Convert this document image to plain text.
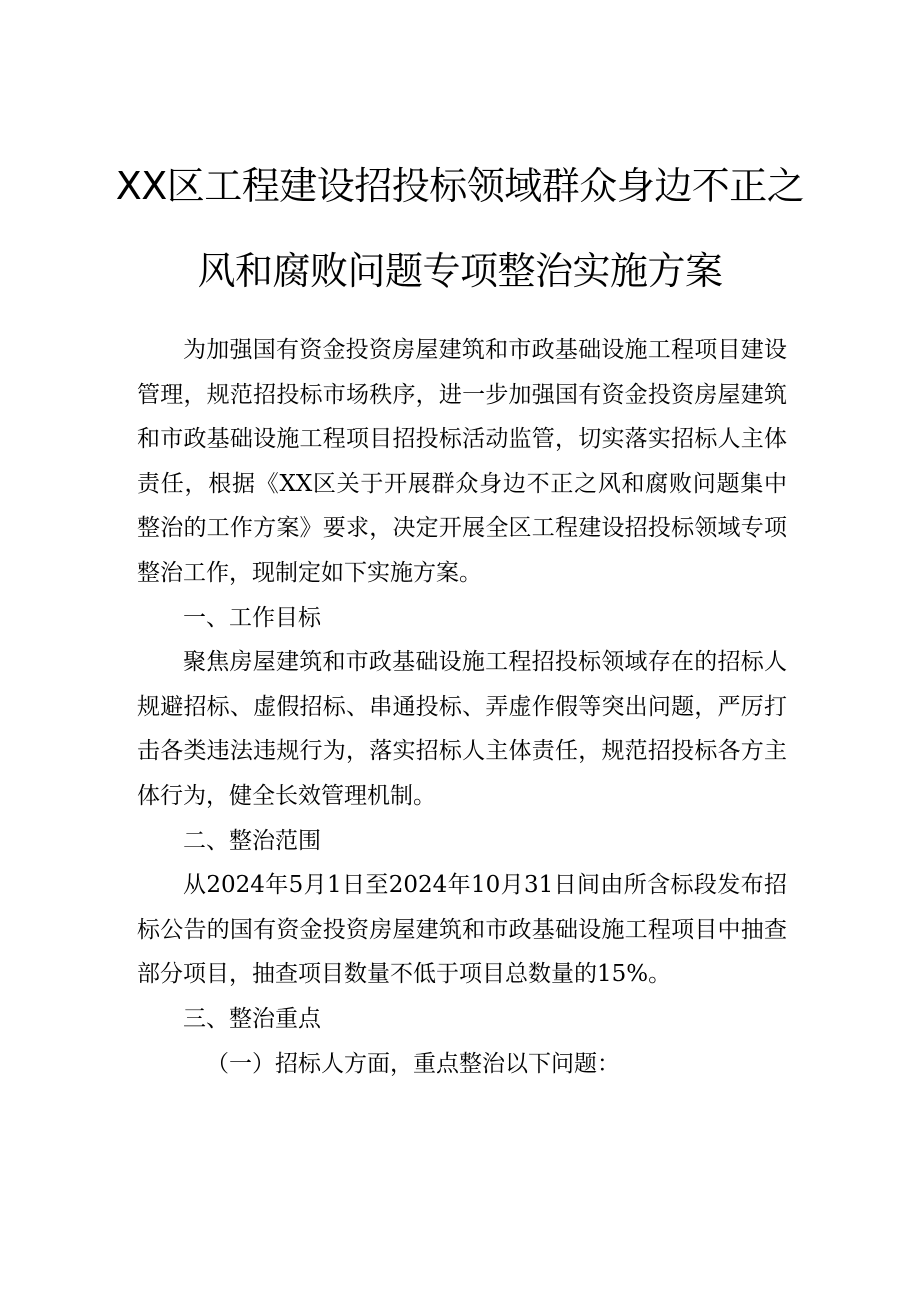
XX区工程建设招投标领域群众身边不正之
风和腐败问题专项整治实施方案

为加强国有资金投资房屋建筑和市政基础设施工程项目建设管理，规范招投标市场秩序，进一步加强国有资金投资房屋建筑和市政基础设施工程项目招投标活动监管，切实落实招标人主体责任，根据《XX区关于开展群众身边不正之风和腐败问题集中整治的工作方案》要求，决定开展全区工程建设招投标领域专项整治工作，现制定如下实施方案。

一、工作目标

聚焦房屋建筑和市政基础设施工程招投标领域存在的招标人规避招标、虚假招标、串通投标、弄虚作假等突出问题，严厉打击各类违法违规行为，落实招标人主体责任，规范招投标各方主体行为，健全长效管理机制。

二、整治范围

从2024年5月1日至2024年10月31日间由所含标段发布招标公告的国有资金投资房屋建筑和市政基础设施工程项目中抽查部分项目，抽查项目数量不低于项目总数量的15%。

三、整治重点

（一）招标人方面，重点整治以下问题：
